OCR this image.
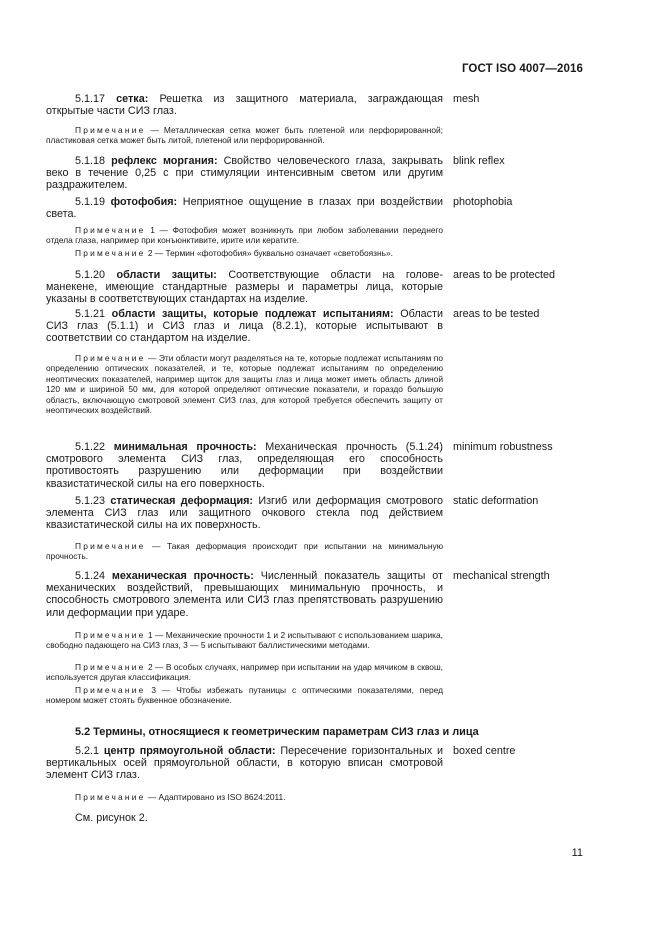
ГОСТ ISO 4007—2016
5.1.17 сетка: Решетка из защитного материала, заграждающая открытые части СИЗ глаз.
mesh
Примечание — Металлическая сетка может быть плетеной или перфорированной; пластиковая сетка может быть литой, плетеной или перфорированной.
5.1.18 рефлекс моргания: Свойство человеческого глаза, закрывать веко в течение 0,25 с при стимуляции интенсивным светом или другим раздражителем.
blink reflex
5.1.19 фотофобия: Неприятное ощущение в глазах при воздействии света.
photophobia
Примечание 1 — Фотофобия может возникнуть при любом заболевании переднего отдела глаза, например при конъюнктивите, ирите или кератите.
Примечание 2 — Термин «фотофобия» буквально означает «светобоязнь».
5.1.20 области защиты: Соответствующие области на голове-манекене, имеющие стандартные размеры и параметры лица, которые указаны в соответствующих стандартах на изделие.
areas to be protected
5.1.21 области защиты, которые подлежат испытаниям: Области СИЗ глаз (5.1.1) и СИЗ глаз и лица (8.2.1), которые испытывают в соответствии со стандартом на изделие.
areas to be tested
Примечание — Эти области могут разделяться на те, которые подлежат испытаниям по определению оптических показателей, и те, которые подлежат испытаниям по определению неоптических показателей, например щиток для защиты глаз и лица может иметь область длиной 120 мм и шириной 50 мм, для которой определяют оптические показатели, и гораздо большую область, включающую смотровой элемент СИЗ глаз, для которой требуется обеспечить защиту от неоптических воздействий.
5.1.22 минимальная прочность: Механическая прочность (5.1.24) смотрового элемента СИЗ глаз, определяющая его способность противостоять разрушению или деформации при воздействии квазистатической силы на его поверхность.
minimum robustness
5.1.23 статическая деформация: Изгиб или деформация смотрового элемента СИЗ глаз или защитного очкового стекла под действием квазистатической силы на их поверхность.
static deformation
Примечание — Такая деформация происходит при испытании на минимальную прочность.
5.1.24 механическая прочность: Численный показатель защиты от механических воздействий, превышающих минимальную прочность, и способность смотрового элемента или СИЗ глаз препятствовать разрушению или деформации при ударе.
mechanical strength
Примечание 1 — Механические прочности 1 и 2 испытывают с использованием шарика, свободно падающего на СИЗ глаз, 3 — 5 испытывают баллистическими методами.
Примечание 2 — В особых случаях, например при испытании на удар мячиком в сквош, используется другая классификация.
Примечание 3 — Чтобы избежать путаницы с оптическими показателями, перед номером может стоять буквенное обозначение.
5.2 Термины, относящиеся к геометрическим параметрам СИЗ глаз и лица
5.2.1 центр прямоугольной области: Пересечение горизонтальных и вертикальных осей прямоугольной области, в которую вписан смотровой элемент СИЗ глаз.
boxed centre
Примечание — Адаптировано из ISO 8624:2011.
См. рисунок 2.
11
